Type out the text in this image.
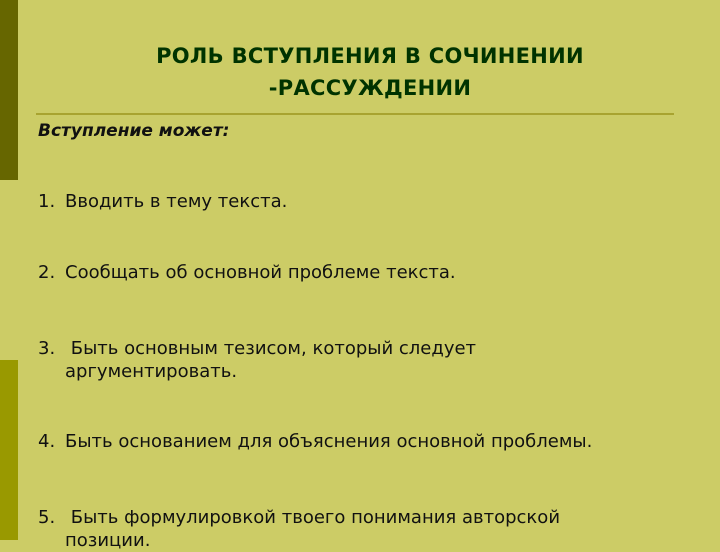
РОЛЬ ВСТУПЛЕНИЯ В СОЧИНЕНИИ
-РАССУЖДЕНИИ
Вступление может:
1. Вводить в тему текста.
2. Сообщать об основной проблеме текста.
3. Быть основным тезисом, который следует аргументировать.
4. Быть основанием для объяснения основной проблемы.
5. Быть формулировкой твоего понимания авторской позиции.
